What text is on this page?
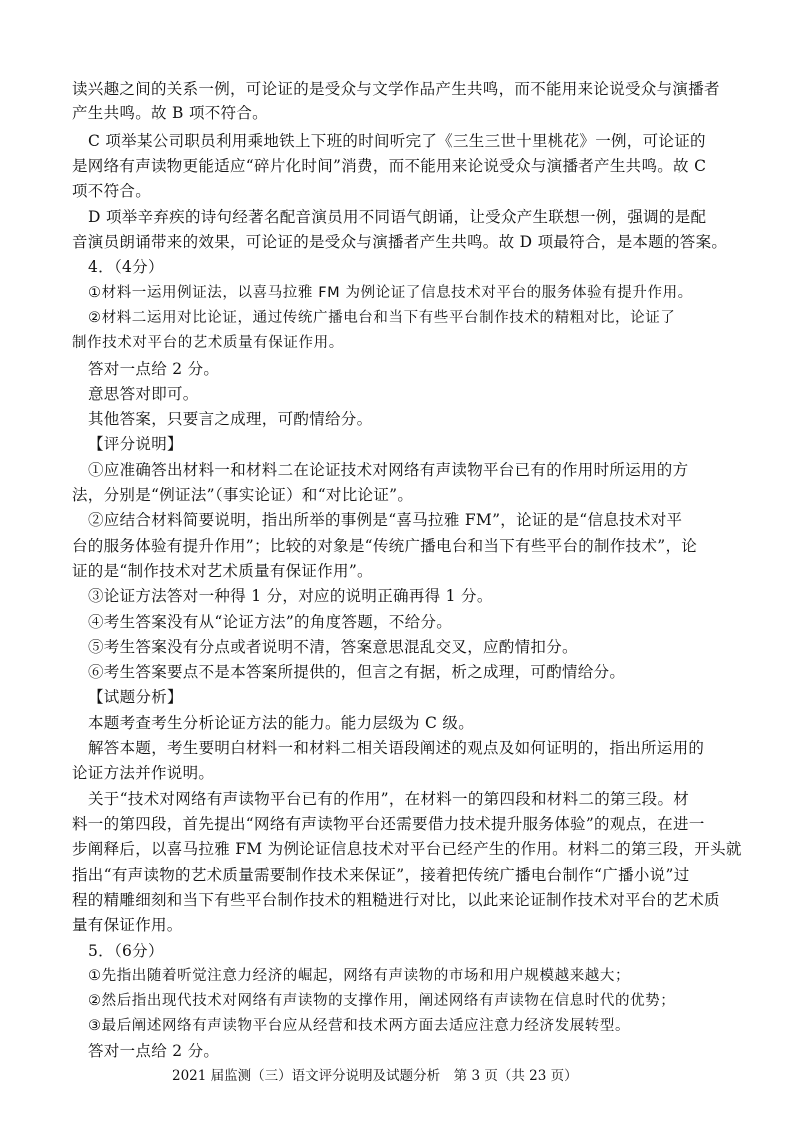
读兴趣之间的关系一例，可论证的是受众与文学作品产生共鸣，而不能用来论说受众与演播者
产生共鸣。故 B 项不符合。
C 项举某公司职员利用乘地铁上下班的时间听完了《三生三世十里桃花》一例，可论证的
是网络有声读物更能适应“碎片化时间”消费，而不能用来论说受众与演播者产生共鸣。故 C
项不符合。
D 项举辛弃疾的诗句经著名配音演员用不同语气朗诵，让受众产生联想一例，强调的是配
音演员朗诵带来的效果，可论证的是受众与演播者产生共鸣。故 D 项最符合，是本题的答案。
4．（4分）
①材料一运用例证法，以喜马拉雅 FM 为例论证了信息技术对平台的服务体验有提升作用。
②材料二运用对比论证，通过传统广播电台和当下有些平台制作技术的精粗对比，论证了
制作技术对平台的艺术质量有保证作用。
答对一点给 2 分。
意思答对即可。
其他答案，只要言之成理，可酌情给分。
【评分说明】
①应准确答出材料一和材料二在论证技术对网络有声读物平台已有的作用时所运用的方
法，分别是“例证法”（事实论证）和“对比论证”。
②应结合材料简要说明，指出所举的事例是“喜马拉雅 FM”，论证的是“信息技术对平
台的服务体验有提升作用”；比较的对象是“传统广播电台和当下有些平台的制作技术”，论
证的是“制作技术对艺术质量有保证作用”。
③论证方法答对一种得 1 分，对应的说明正确再得 1 分。
④考生答案没有从“论证方法”的角度答题，不给分。
⑤考生答案没有分点或者说明不清，答案意思混乱交叉，应酌情扣分。
⑥考生答案要点不是本答案所提供的，但言之有据，析之成理，可酌情给分。
【试题分析】
本题考查考生分析论证方法的能力。能力层级为 C 级。
解答本题，考生要明白材料一和材料二相关语段阐述的观点及如何证明的，指出所运用的
论证方法并作说明。
关于“技术对网络有声读物平台已有的作用”，在材料一的第四段和材料二的第三段。材
料一的第四段，首先提出“网络有声读物平台还需要借力技术提升服务体验”的观点，在进一
步阐释后，以喜马拉雅 FM 为例论证信息技术对平台已经产生的作用。材料二的第三段，开头就
指出“有声读物的艺术质量需要制作技术来保证”，接着把传统广播电台制作“广播小说”过
程的精雕细刻和当下有些平台制作技术的粗糙进行对比，以此来论证制作技术对平台的艺术质
量有保证作用。
5．（6分）
①先指出随着听觉注意力经济的崛起，网络有声读物的市场和用户规模越来越大；
②然后指出现代技术对网络有声读物的支撑作用，阐述网络有声读物在信息时代的优势；
③最后阐述网络有声读物平台应从经营和技术两方面去适应注意力经济发展转型。
答对一点给 2 分。
2021 届监测（三）语文评分说明及试题分析　第 3 页（共 23 页）
